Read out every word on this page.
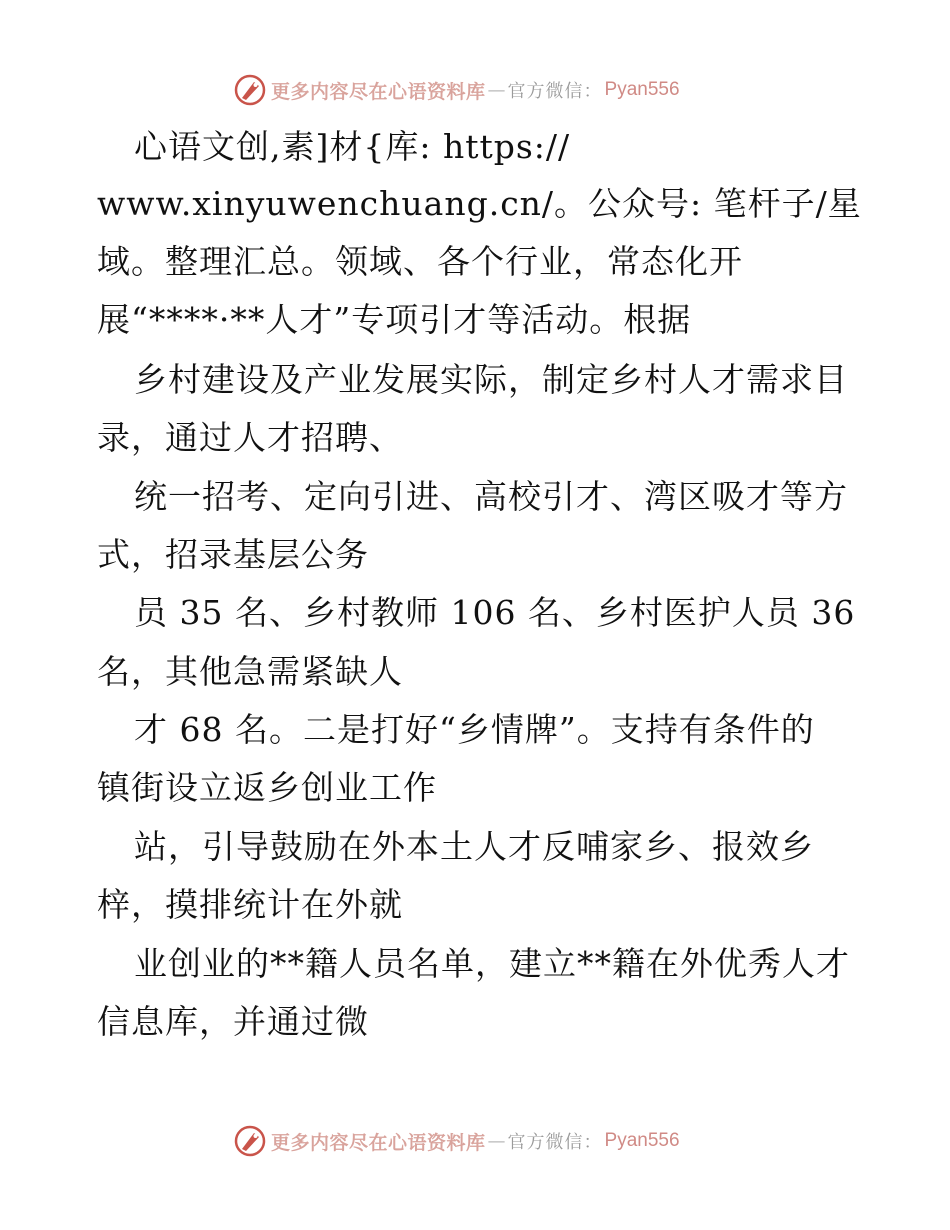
更多内容尽在心语资料库 — 官方微信： Pyan556
心语文创,素]材{库: https://
www.xinyuwenchuang.cn/。公众号: 笔杆子/星
域。整理汇总。领域、各个行业，常态化开
展“****·**人才”专项引才等活动。根据
乡村建设及产业发展实际，制定乡村人才需求目
录，通过人才招聘、
统一招考、定向引进、高校引才、湾区吸才等方
式，招录基层公务
员 35 名、乡村教师 106 名、乡村医护人员 36
名，其他急需紧缺人
才 68 名。二是打好“乡情牌”。支持有条件的
镇街设立返乡创业工作
站，引导鼓励在外本土人才反哺家乡、报效乡
梓，摸排统计在外就
业创业的**籍人员名单，建立**籍在外优秀人才
信息库，并通过微
更多内容尽在心语资料库 — 官方微信： Pyan556
